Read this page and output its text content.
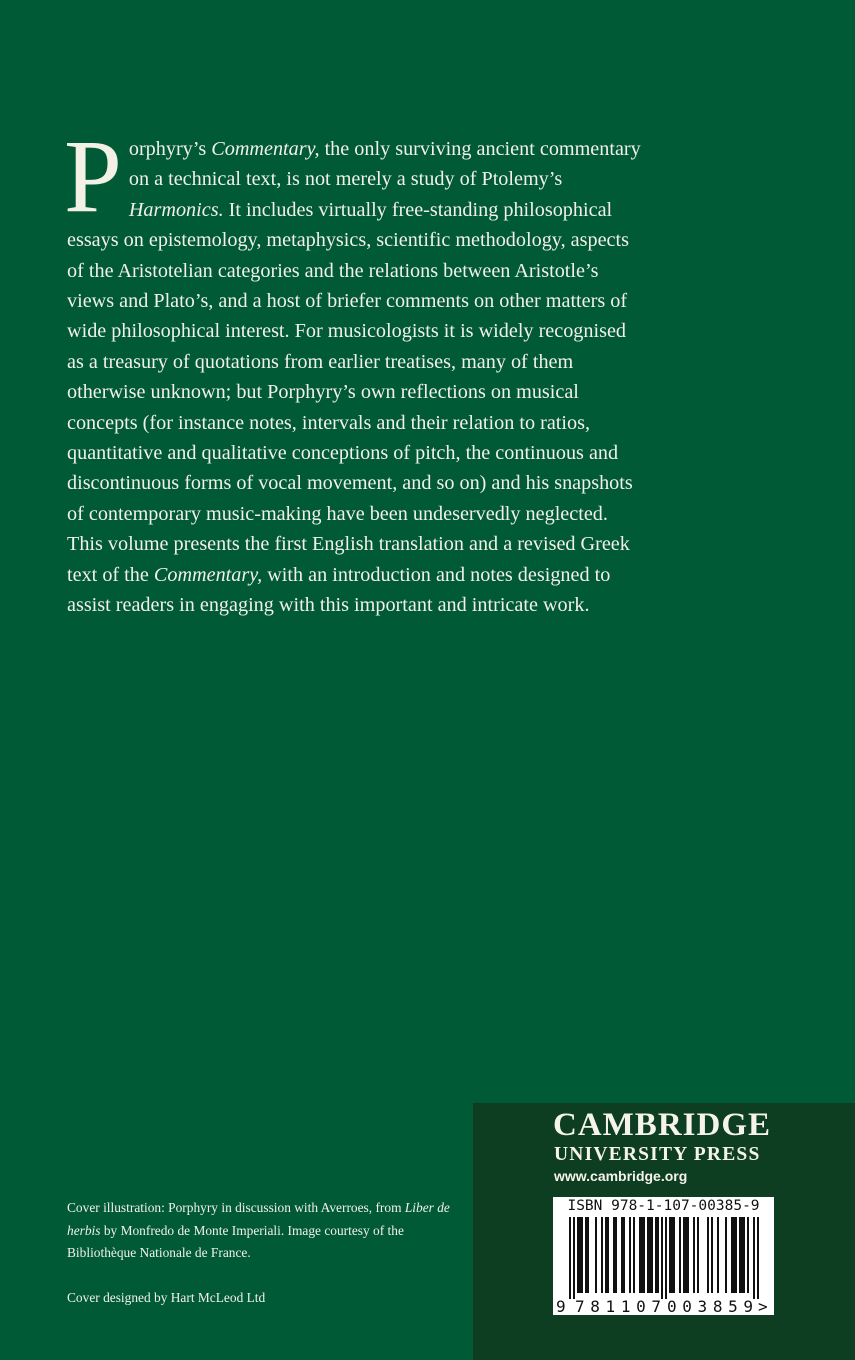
Porphyry’s Commentary, the only surviving ancient commentary on a technical text, is not merely a study of Ptolemy’s Harmonics. It includes virtually free-standing philosophical essays on epistemology, metaphysics, scientific methodology, aspects of the Aristotelian categories and the relations between Aristotle’s views and Plato’s, and a host of briefer comments on other matters of wide philosophical interest. For musicologists it is widely recognised as a treasury of quotations from earlier treatises, many of them otherwise unknown; but Porphyry’s own reflections on musical concepts (for instance notes, intervals and their relation to ratios, quantitative and qualitative conceptions of pitch, the continuous and discontinuous forms of vocal movement, and so on) and his snapshots of contemporary music-making have been undeservedly neglected. This volume presents the first English translation and a revised Greek text of the Commentary, with an introduction and notes designed to assist readers in engaging with this important and intricate work.

Cover illustration: Porphyry in discussion with Averroes, from Liber de herbis by Monfredo de Monte Imperiali. Image courtesy of the Bibliothèque Nationale de France.

Cover designed by Hart McLeod Ltd

CAMBRIDGE
UNIVERSITY PRESS
www.cambridge.org
ISBN 978-1-107-00385-9
9 781107 003859 >
